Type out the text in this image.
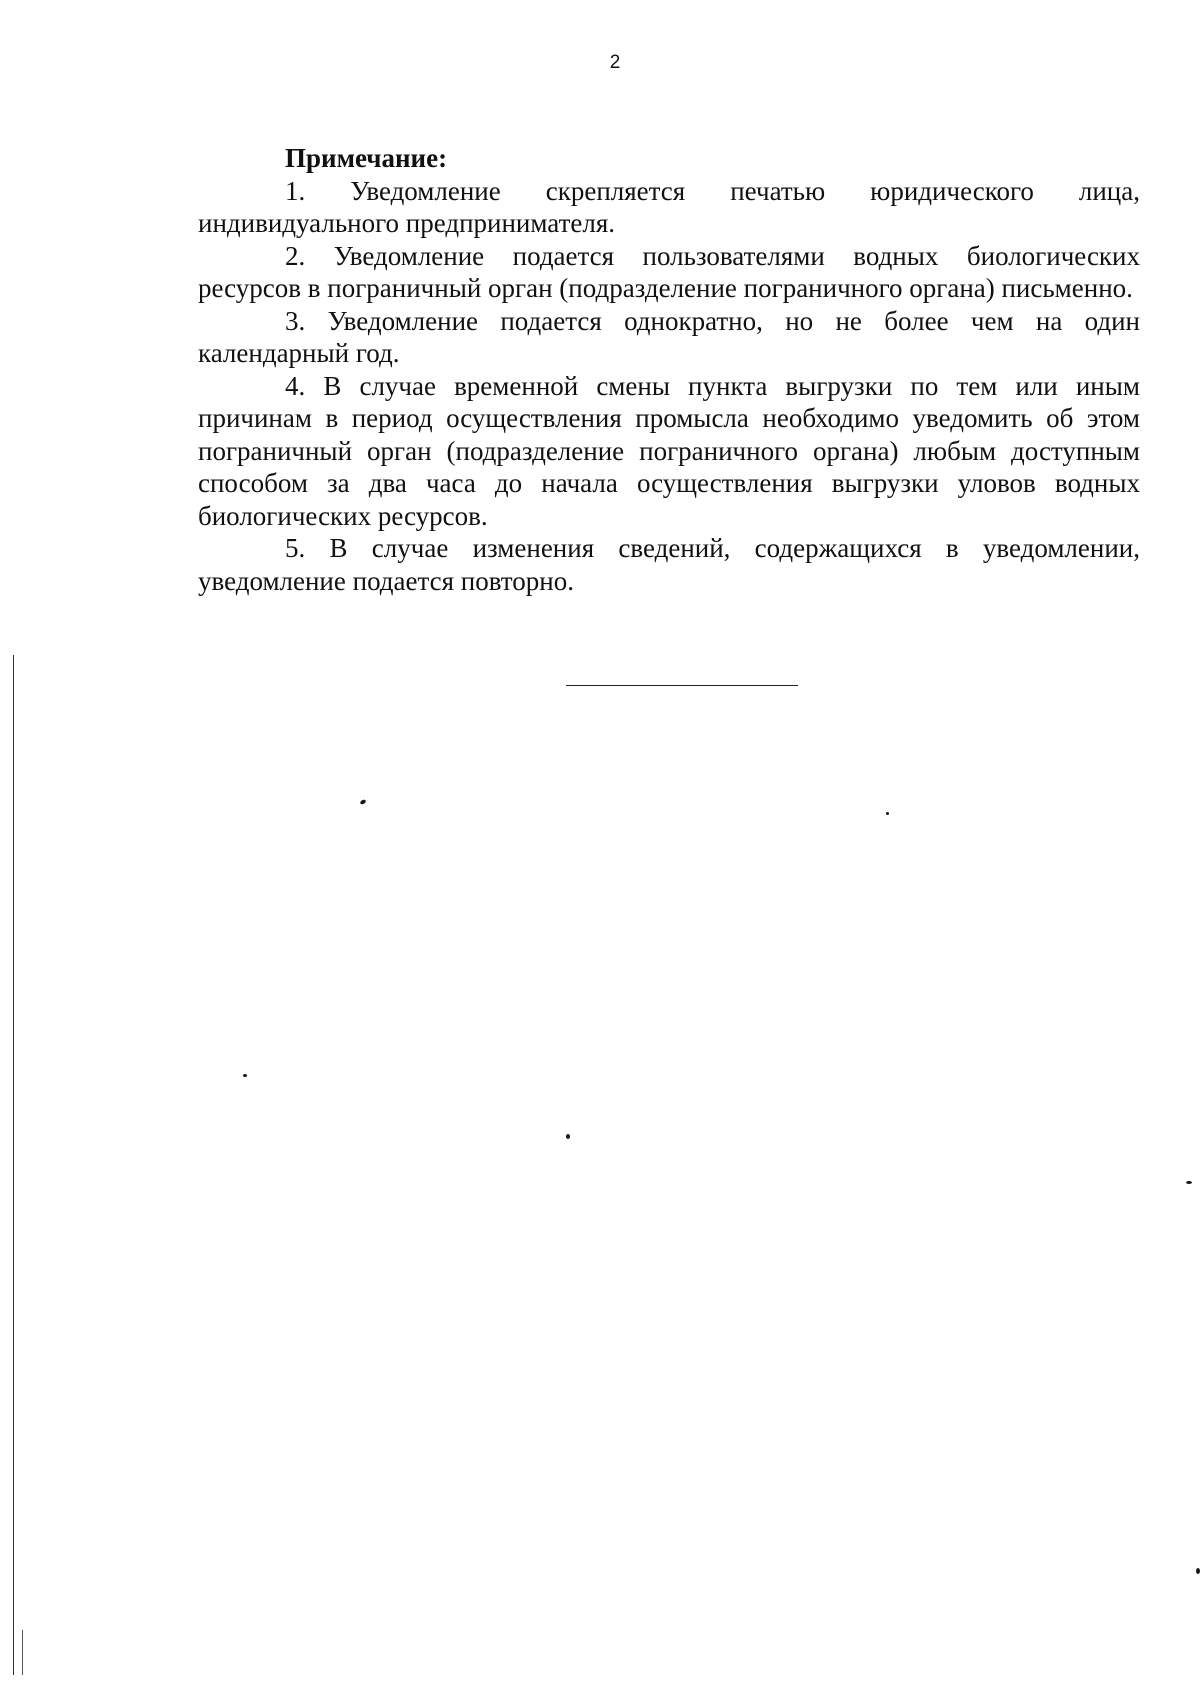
2
Примечание:

1. Уведомление скрепляется печатью юридического лица, индивидуального предпринимателя.

2. Уведомление подается пользователями водных биологических ресурсов в пограничный орган (подразделение пограничного органа) письменно.

3. Уведомление подается однократно, но не более чем на один календарный год.

4. В случае временной смены пункта выгрузки по тем или иным причинам в период осуществления промысла необходимо уведомить об этом пограничный орган (подразделение пограничного органа) любым доступным способом за два часа до начала осуществления выгрузки уловов водных биологических ресурсов.

5. В случае изменения сведений, содержащихся в уведомлении, уведомление подается повторно.
